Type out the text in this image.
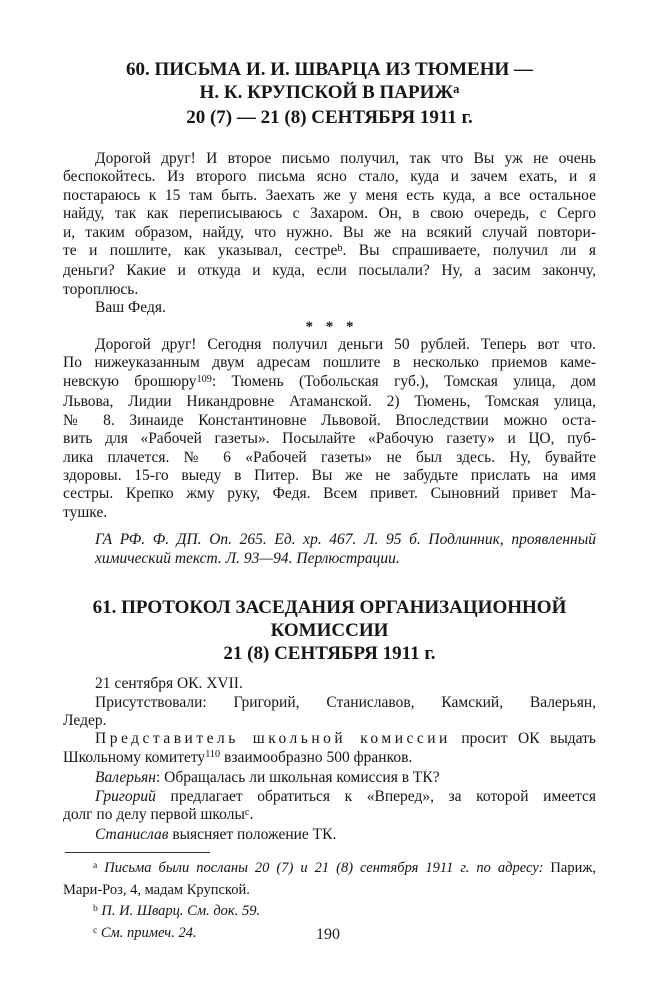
60. ПИСЬМА И. И. ШВАРЦА ИЗ ТЮМЕНИ —
Н. К. КРУПСКОЙ В $ПАРИЖ^а$
20 (7) — 21 (8) СЕНТЯБРЯ 1911 г.
Дорогой друг! И второе письмо получил, так что Вы уж не очень
беспокойтесь. Из второго письма ясно стало, куда и зачем ехать, и я
постараюсь к 15 там быть. Заехать же у меня есть куда, а все остальное
найду, так как переписываюсь с Захаром. Он, в свою очередь, с Серго
и, таким образом, найду, что нужно. Вы же на всякий случай повтори-
те и пошлите, как указывал, сестре$^b$. Вы спрашиваете, получил ли я
деньги? Какие и откуда и куда, если посылали? Ну, а засим закончу,
тороплюсь.
Ваш Федя.
* * *
Дорогой друг! Сегодня получил деньги 50 рублей. Теперь вот что.
По нижеуказанным двум адресам пошлите в несколько приемов каме-
невскую брошюру$^{109}$: Тюмень (Тобольская губ.), Томская улица, дом
Львова, Лидии Никандровне Атаманской. 2) Тюмень, Томская улица,
№ 8. Зинаиде Константиновне Львовой. Впоследствии можно оста-
вить для «Рабочей газеты». Посылайте «Рабочую газету» и ЦО, пуб-
лика плачется. № 6 «Рабочей газеты» не был здесь. Ну, бувайте
здоровы. 15-го выеду в Питер. Вы же не забудьте прислать на имя
сестры. Крепко жму руку, Федя. Всем привет. Сыновний привет Ма-
тушке.
ГА РФ. Ф. ДП. Оп. 265. Ед. хр. 467. Л. 95 б. Подлинник, проявленный
химический текст. Л. 93—94. Перлюстрации.
61. ПРОТОКОЛ ЗАСЕДАНИЯ ОРГАНИЗАЦИОННОЙ
КОМИССИИ
21 (8) СЕНТЯБРЯ 1911 г.
21 сентября ОК. XVII.
Присутствовали: Григорий, Станиславов, Камский, Валерьян,
Ледер.
Представитель школьной комиссии просит ОК выдать
Школьному комитету$^{110}$ взаимообразно 500 франков.
Валерьян: Обращалась ли школьная комиссия в ТК?
Григорий предлагает обратиться к «Вперед», за которой имеется
долг по делу первой школы$^c$.
Станислав выясняет положение ТК.
$^a$ Письма были посланы 20 (7) и 21 (8) сентября 1911 г. по адресу: Париж,
Мари-Роз, 4, мадам Крупской.
$^b$ П. И. Шварц. См. док. 59.
$^c$ См. примеч. 24.	190
